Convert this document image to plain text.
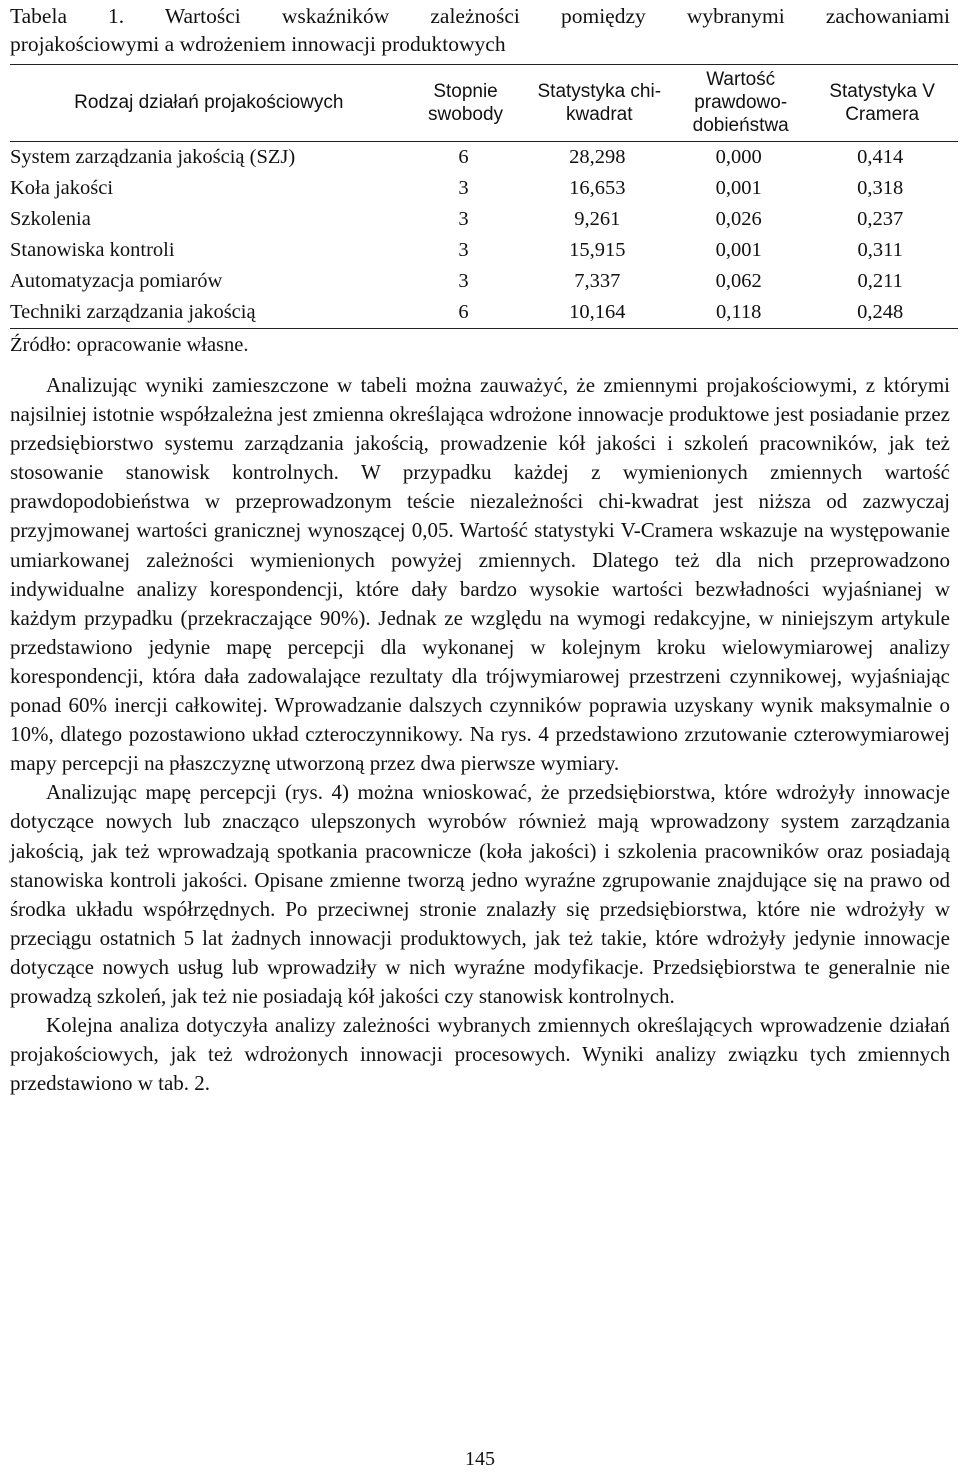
Tabela 1. Wartości wskaźników zależności pomiędzy wybranymi zachowaniami
projakościowymi a wdrożeniem innowacji produktowych
Rodzaj działań projakościowych	Stopnie swobody	Statystyka chi-kwadrat	Wartość prawdowo-dobieństwa	Statystyka V Cramera
System zarządzania jakością (SZJ)	6	28,298	0,000	0,414
Koła jakości	3	16,653	0,001	0,318
Szkolenia	3	9,261	0,026	0,237
Stanowiska kontroli	3	15,915	0,001	0,311
Automatyzacja pomiarów	3	7,337	0,062	0,211
Techniki zarządzania jakością	6	10,164	0,118	0,248
Źródło: opracowanie własne.

Analizując wyniki zamieszczone w tabeli można zauważyć, że zmiennymi projakościowymi, z którymi najsilniej istotnie współzależna jest zmienna określająca wdrożone innowacje produktowe jest posiadanie przez przedsiębiorstwo systemu zarządzania jakością, prowadzenie kół jakości i szkoleń pracowników, jak też stosowanie stanowisk kontrolnych. W przypadku każdej z wymienionych zmiennych wartość prawdopodobieństwa w przeprowadzonym teście niezależności chi-kwadrat jest niższa od zazwyczaj przyjmowanej wartości granicznej wynoszącej 0,05. Wartość statystyki V-Cramera wskazuje na występowanie umiarkowanej zależności wymienionych powyżej zmiennych. Dlatego też dla nich przeprowadzono indywidualne analizy korespondencji, które dały bardzo wysokie wartości bezwładności wyjaśnianej w każdym przypadku (przekraczające 90%). Jednak ze względu na wymogi redakcyjne, w niniejszym artykule przedstawiono jedynie mapę percepcji dla wykonanej w kolejnym kroku wielowymiarowej analizy korespondencji, która dała zadowalające rezultaty dla trójwymiarowej przestrzeni czynnikowej, wyjaśniając ponad 60% inercji całkowitej. Wprowadzanie dalszych czynników poprawia uzyskany wynik maksymalnie o 10%, dlatego pozostawiono układ czteroczynnikowy. Na rys. 4 przedstawiono zrzutowanie czterowymiarowej mapy percepcji na płaszczyznę utworzoną przez dwa pierwsze wymiary.

Analizując mapę percepcji (rys. 4) można wnioskować, że przedsiębiorstwa, które wdrożyły innowacje dotyczące nowych lub znacząco ulepszonych wyrobów również mają wprowadzony system zarządzania jakością, jak też wprowadzają spotkania pracownicze (koła jakości) i szkolenia pracowników oraz posiadają stanowiska kontroli jakości. Opisane zmienne tworzą jedno wyraźne zgrupowanie znajdujące się na prawo od środka układu współrzędnych. Po przeciwnej stronie znalazły się przedsiębiorstwa, które nie wdrożyły w przeciągu ostatnich 5 lat żadnych innowacji produktowych, jak też takie, które wdrożyły jedynie innowacje dotyczące nowych usług lub wprowadziły w nich wyraźne modyfikacje. Przedsiębiorstwa te generalnie nie prowadzą szkoleń, jak też nie posiadają kół jakości czy stanowisk kontrolnych.

Kolejna analiza dotyczyła analizy zależności wybranych zmiennych określających wprowadzenie działań projakościowych, jak też wdrożonych innowacji procesowych. Wyniki analizy związku tych zmiennych przedstawiono w tab. 2.

145
